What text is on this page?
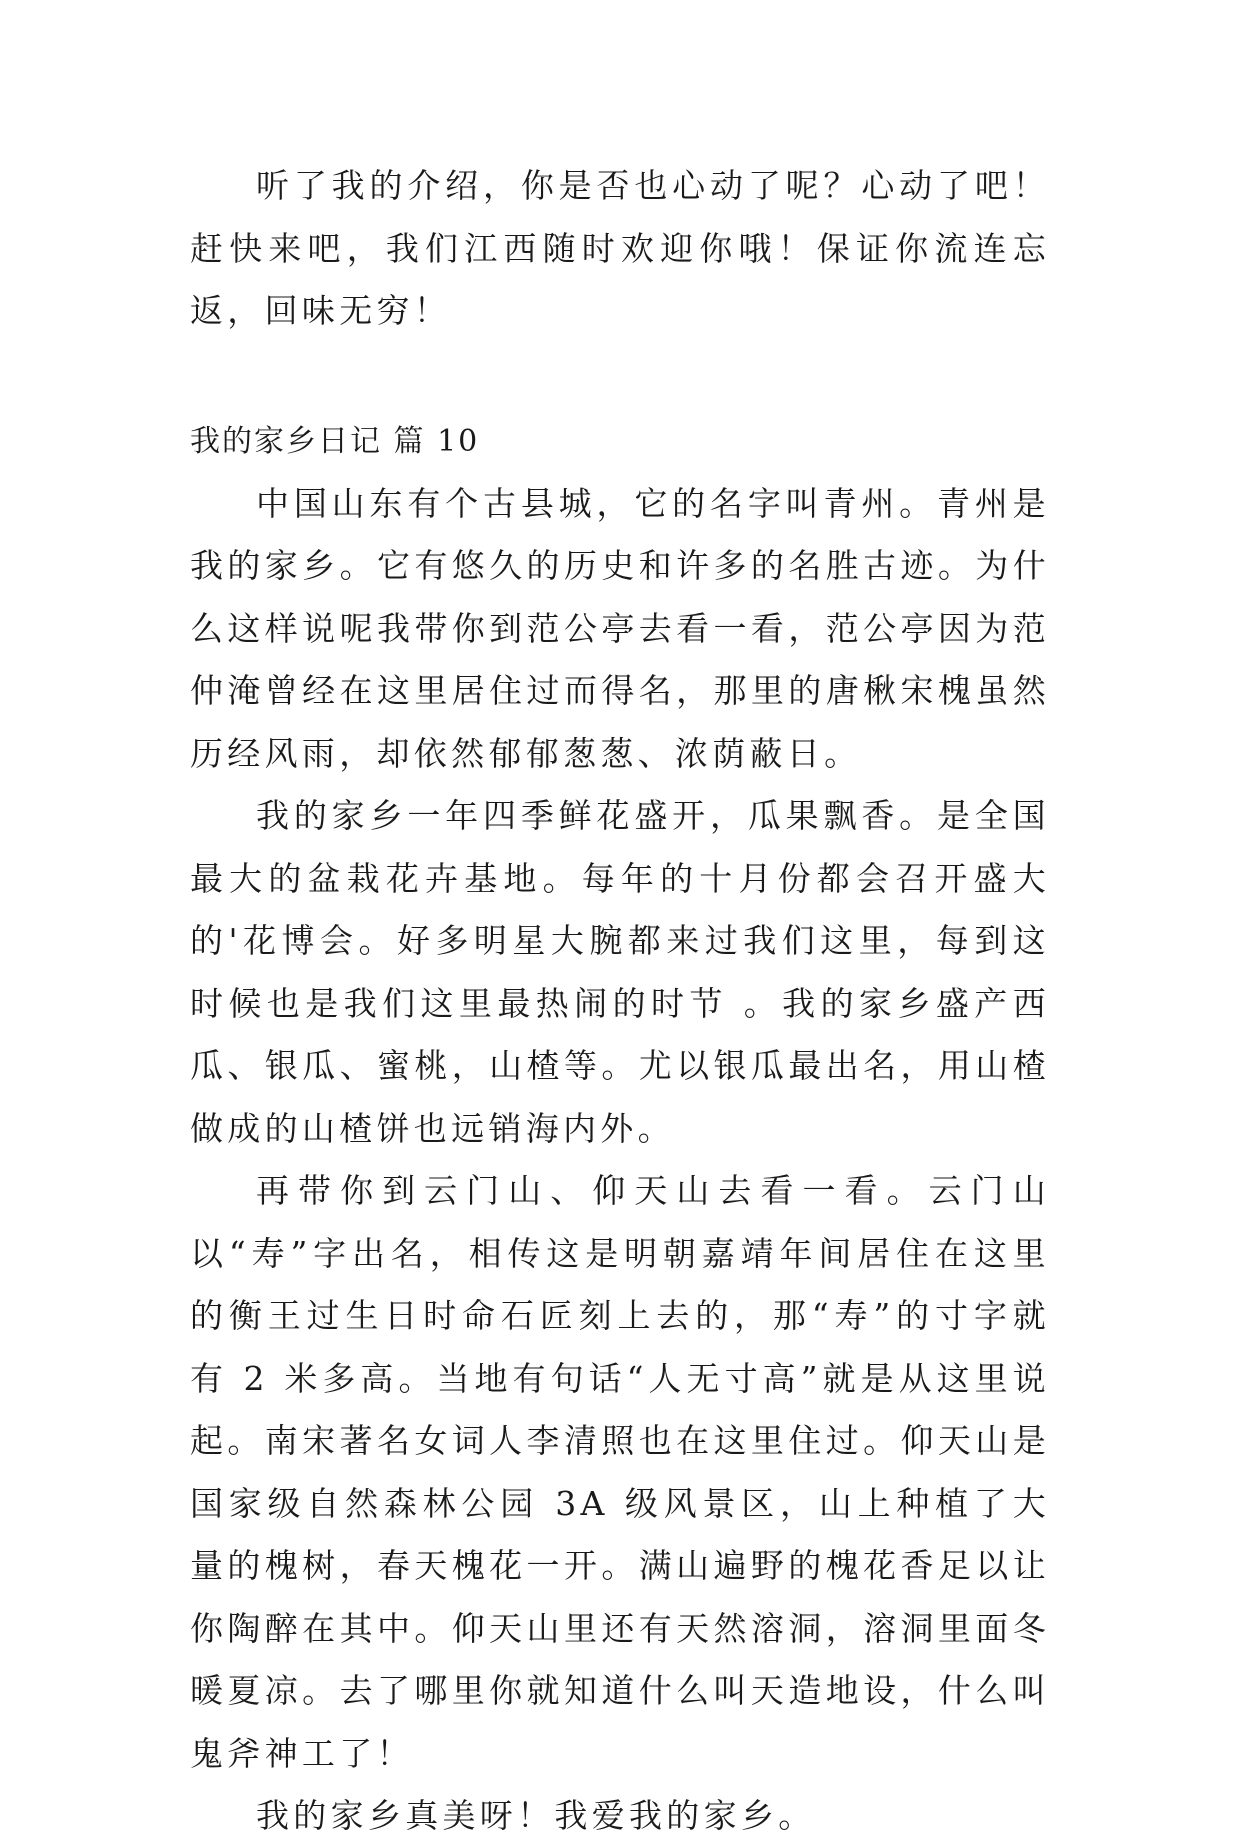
听了我的介绍，你是否也心动了呢？心动了吧！赶快来吧，我们江西随时欢迎你哦！保证你流连忘返，回味无穷！

我的家乡日记 篇 10

中国山东有个古县城，它的名字叫青州。青州是我的家乡。它有悠久的历史和许多的名胜古迹。为什么这样说呢我带你到范公亭去看一看，范公亭因为范仲淹曾经在这里居住过而得名，那里的唐楸宋槐虽然历经风雨，却依然郁郁葱葱、浓荫蔽日。

我的家乡一年四季鲜花盛开，瓜果飘香。是全国最大的盆栽花卉基地。每年的十月份都会召开盛大的'花博会。好多明星大腕都来过我们这里，每到这时候也是我们这里最热闹的时节 。我的家乡盛产西瓜、银瓜、蜜桃，山楂等。尤以银瓜最出名，用山楂做成的山楂饼也远销海内外。

再带你到云门山、仰天山去看一看。云门山以“寿”字出名，相传这是明朝嘉靖年间居住在这里的衡王过生日时命石匠刻上去的，那“寿”的寸字就有 2 米多高。当地有句话“人无寸高”就是从这里说起。南宋著名女词人李清照也在这里住过。仰天山是国家级自然森林公园 3A 级风景区，山上种植了大量的槐树，春天槐花一开。满山遍野的槐花香足以让你陶醉在其中。仰天山里还有天然溶洞，溶洞里面冬暖夏凉。去了哪里你就知道什么叫天造地设，什么叫鬼斧神工了！

我的家乡真美呀！我爱我的家乡。
